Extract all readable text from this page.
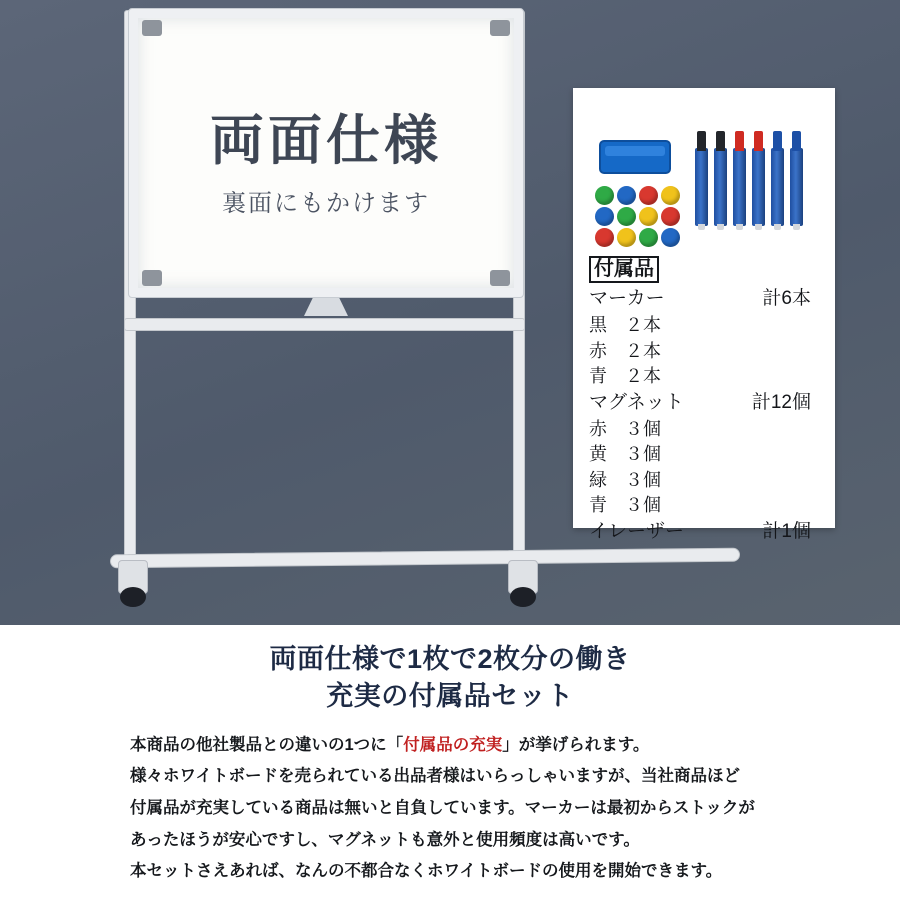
両面仕様
裏面にもかけます
付属品
マーカー	計6本
黒　２本
赤　２本
青　２本
マグネット	計12個
赤　３個
黄　３個
緑　３個
青　３個
イレーザー	計1個
両面仕様で1枚で2枚分の働き
充実の付属品セット

本商品の他社製品との違いの1つに「付属品の充実」が挙げられます。

様々ホワイトボードを売られている出品者様はいらっしゃいますが、当社商品ほど

付属品が充実している商品は無いと自負しています。マーカーは最初からストックが

あったほうが安心ですし、マグネットも意外と使用頻度は高いです。

本セットさえあれば、なんの不都合なくホワイトボードの使用を開始できます。
